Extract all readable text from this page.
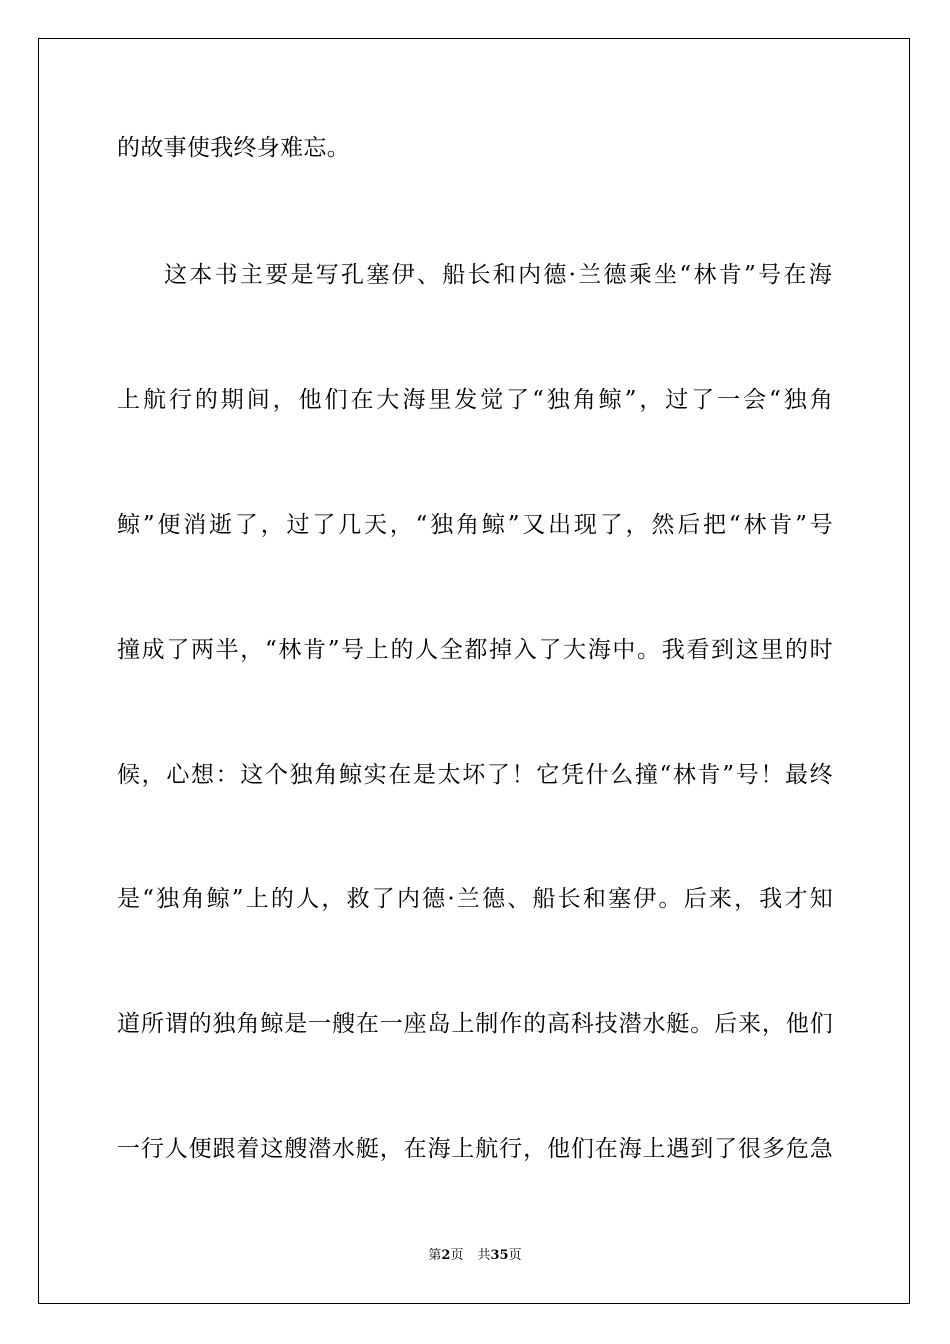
的故事使我终身难忘。
这本书主要是写孔塞伊、船长和内德·兰德乘坐“林肯”号在海
上航行的期间，他们在大海里发觉了“独角鲸”，过了一会“独角
鲸”便消逝了，过了几天，“独角鲸”又出现了，然后把“林肯”号
撞成了两半，“林肯”号上的人全都掉入了大海中。我看到这里的时
候，心想：这个独角鲸实在是太坏了！它凭什么撞“林肯”号！最终
是“独角鲸”上的人，救了内德·兰德、船长和塞伊。后来，我才知
道所谓的独角鲸是一艘在一座岛上制作的高科技潜水艇。后来，他们
一行人便跟着这艘潜水艇，在海上航行，他们在海上遇到了很多危急
第2页 共35页
